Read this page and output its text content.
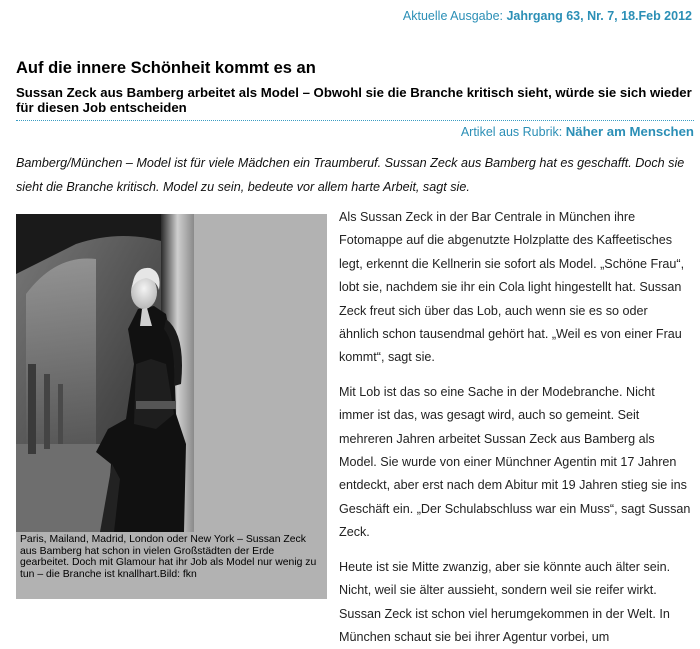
Aktuelle Ausgabe: Jahrgang 63, Nr. 7, 18.Feb 2012
Auf die innere Schönheit kommt es an
Sussan Zeck aus Bamberg arbeitet als Model – Obwohl sie die Branche kritisch sieht, würde sie sich wieder für diesen Job entscheiden
Artikel aus Rubrik: Näher am Menschen

Bamberg/München – Model ist für viele Mädchen ein Traumberuf. Sussan Zeck aus Bamberg hat es geschafft. Doch sie sieht die Branche kritisch. Model zu sein, bedeute vor allem harte Arbeit, sagt sie.

Paris, Mailand, Madrid, London oder New York – Sussan Zeck aus Bamberg hat schon in vielen Großstädten der Erde gearbeitet. Doch mit Glamour hat ihr Job als Model nur wenig zu tun – die Branche ist knallhart.Bild: fkn

Als Sussan Zeck in der Bar Centrale in München ihre Fotomappe auf die abgenutzte Holzplatte des Kaffeetisches legt, erkennt die Kellnerin sie sofort als Model. „Schöne Frau“, lobt sie, nachdem sie ihr ein Cola light hingestellt hat. Sussan Zeck freut sich über das Lob, auch wenn sie es so oder ähnlich schon tausendmal gehört hat. „Weil es von einer Frau kommt“, sagt sie.

Mit Lob ist das so eine Sache in der Modebranche. Nicht immer ist das, was gesagt wird, auch so gemeint. Seit mehreren Jahren arbeitet Sussan Zeck aus Bamberg als Model. Sie wurde von einer Münchner Agentin mit 17 Jahren entdeckt, aber erst nach dem Abitur mit 19 Jahren stieg sie ins Geschäft ein. „Der Schulabschluss war ein Muss“, sagt Sussan Zeck.

Heute ist sie Mitte zwanzig, aber sie könnte auch älter sein. Nicht, weil sie älter aussieht, sondern weil sie reifer wirkt. Sussan Zeck ist schon viel herumgekommen in der Welt. In München schaut sie bei ihrer Agentur vorbei, um
